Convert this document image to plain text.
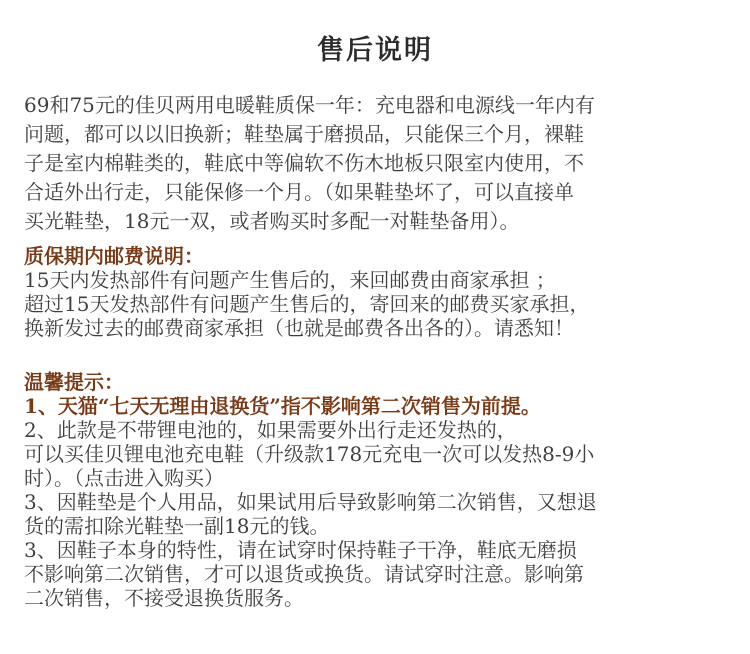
售后说明
69和75元的佳贝两用电暖鞋质保一年：充电器和电源线一年内有
问题，都可以以旧换新；鞋垫属于磨损品，只能保三个月，裸鞋
子是室内棉鞋类的，鞋底中等偏软不伤木地板只限室内使用，不
合适外出行走，只能保修一个月。（如果鞋垫坏了，可以直接单
买光鞋垫，18元一双，或者购买时多配一对鞋垫备用）。
质保期内邮费说明：
15天内发热部件有问题产生售后的，来回邮费由商家承担 ；
超过15天发热部件有问题产生售后的，寄回来的邮费买家承担，
换新发过去的邮费商家承担（也就是邮费各出各的）。请悉知！
温馨提示：
1、天猫“七天无理由退换货”指不影响第二次销售为前提。
2、此款是不带锂电池的，如果需要外出行走还发热的，
可以买佳贝锂电池充电鞋（升级款178元充电一次可以发热8-9小
时）。（点击进入购买）
3、因鞋垫是个人用品，如果试用后导致影响第二次销售，又想退
货的需扣除光鞋垫一副18元的钱。
3、因鞋子本身的特性，请在试穿时保持鞋子干净，鞋底无磨损
不影响第二次销售，才可以退货或换货。请试穿时注意。影响第
二次销售，不接受退换货服务。
